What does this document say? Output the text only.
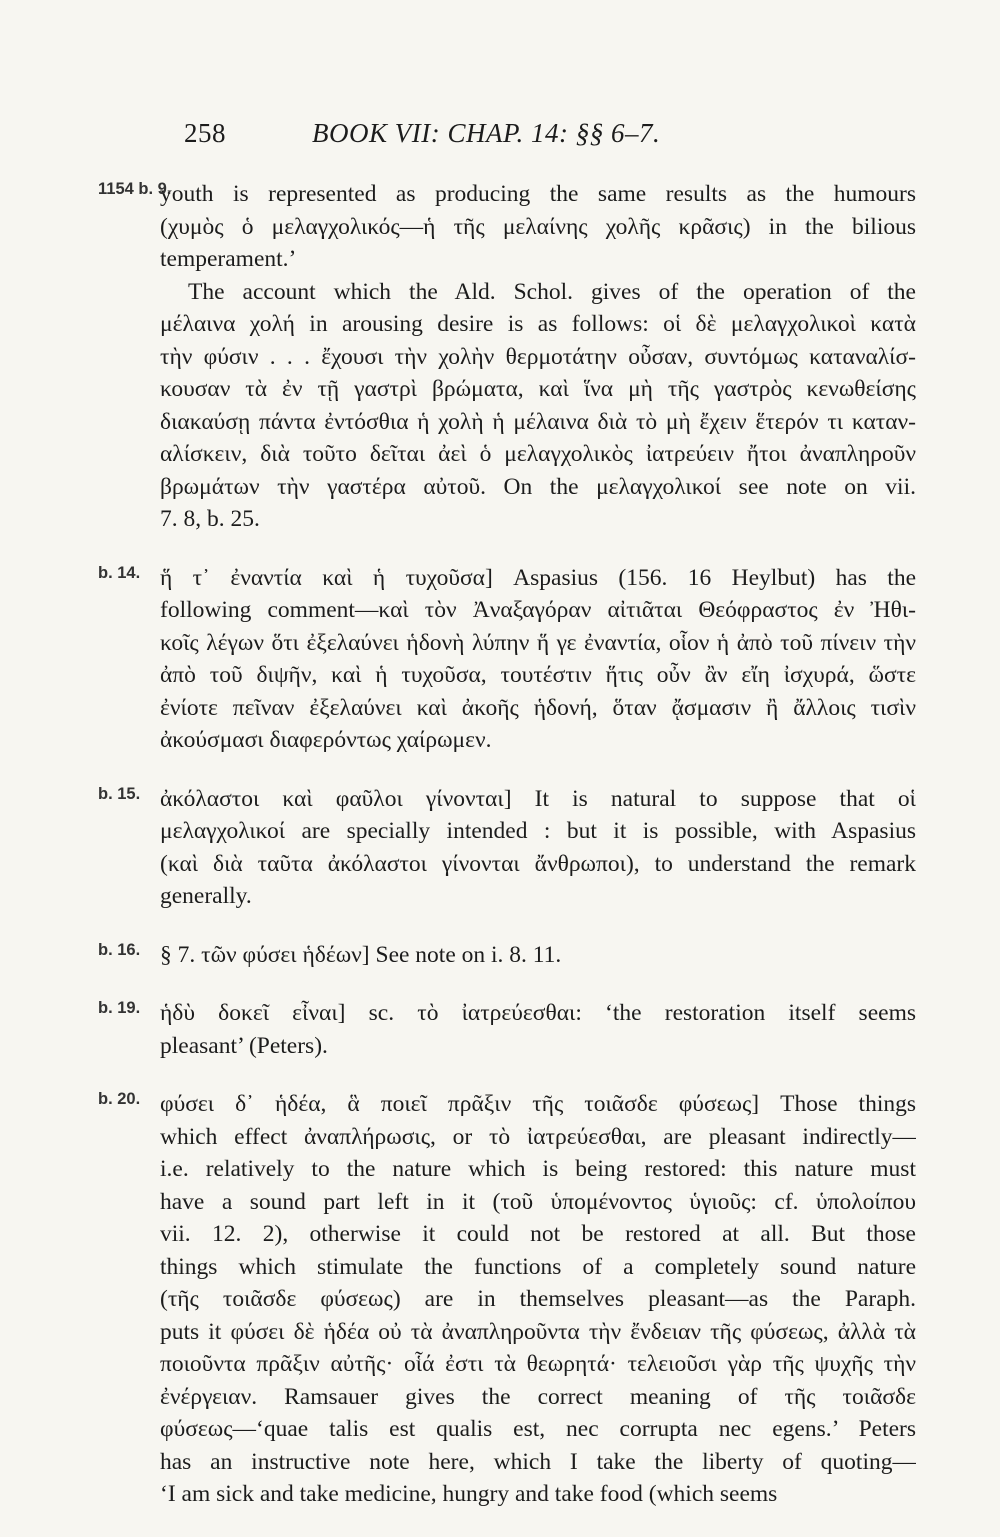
258	BOOK VII: CHAP. 14: §§ 6–7.
1154 b. 9.
youth is represented as producing the same results as the humours
(χυμὸς ὁ μελαγχολικός—ἡ τῆς μελαίνης χολῆς κρᾶσις) in the bilious
temperament.’
The account which the Ald. Schol. gives of the operation of the
μέλαινα χολή in arousing desire is as follows: οἱ δὲ μελαγχολικοὶ κατὰ
τὴν φύσιν . . . ἔχουσι τὴν χολὴν θερμοτάτην οὖσαν, συντόμως καταναλίσ-
κουσαν τὰ ἐν τῇ γαστρὶ βρώματα, καὶ ἵνα μὴ τῆς γαστρὸς κενωθείσης
διακαύσῃ πάντα ἐντόσθια ἡ χολὴ ἡ μέλαινα διὰ τὸ μὴ ἔχειν ἕτερόν τι καταν-
αλίσκειν, διὰ τοῦτο δεῖται ἀεὶ ὁ μελαγχολικὸς ἰατρεύειν ἤτοι ἀναπληροῦν
βρωμάτων τὴν γαστέρα αὐτοῦ. On the μελαγχολικοί see note on vii.
7. 8, b. 25.
b. 14. ἥ τ᾽ ἐναντία καὶ ἡ τυχοῦσα] Aspasius (156. 16 Heylbut) has the
following comment—καὶ τὸν Ἀναξαγόραν αἰτιᾶται Θεόφραστος ἐν Ἠθι-
κοῖς λέγων ὅτι ἐξελαύνει ἡδονὴ λύπην ἥ γε ἐναντία, οἷον ἡ ἀπὸ τοῦ πίνειν τὴν
ἀπὸ τοῦ διψῆν, καὶ ἡ τυχοῦσα, τουτέστιν ἥτις οὖν ἂν εἴη ἰσχυρά, ὥστε
ἐνίοτε πεῖναν ἐξελαύνει καὶ ἀκοῆς ἡδονή, ὅταν ᾄσμασιν ἢ ἄλλοις τισὶν
ἀκούσμασι διαφερόντως χαίρωμεν.
b. 15. ἀκόλαστοι καὶ φαῦλοι γίνονται] It is natural to suppose that οἱ
μελαγχολικοί are specially intended : but it is possible, with Aspasius
(καὶ διὰ ταῦτα ἀκόλαστοι γίνονται ἄνθρωποι), to understand the remark
generally.
b. 16. § 7. τῶν φύσει ἡδέων] See note on i. 8. 11.
b. 19. ἡδὺ δοκεῖ εἶναι] sc. τὸ ἰατρεύεσθαι: ‘the restoration itself seems
pleasant’ (Peters).
b. 20. φύσει δ᾽ ἡδέα, ἃ ποιεῖ πρᾶξιν τῆς τοιᾶσδε φύσεως] Those things
which effect ἀναπλήρωσις, or τὸ ἰατρεύεσθαι, are pleasant indirectly—
i.e. relatively to the nature which is being restored: this nature must
have a sound part left in it (τοῦ ὑπομένοντος ὑγιοῦς: cf. ὑπολοίπου
vii. 12. 2), otherwise it could not be restored at all. But those
things which stimulate the functions of a completely sound nature
(τῆς τοιᾶσδε φύσεως) are in themselves pleasant—as the Paraph.
puts it φύσει δὲ ἡδέα οὐ τὰ ἀναπληροῦντα τὴν ἔνδειαν τῆς φύσεως, ἀλλὰ τὰ
ποιοῦντα πρᾶξιν αὐτῆς· οἷά ἐστι τὰ θεωρητά· τελειοῦσι γὰρ τῆς ψυχῆς τὴν
ἐνέργειαν. Ramsauer gives the correct meaning of τῆς τοιᾶσδε
φύσεως—‘quae talis est qualis est, nec corrupta nec egens.’ Peters
has an instructive note here, which I take the liberty of quoting—
‘I am sick and take medicine, hungry and take food (which seems
